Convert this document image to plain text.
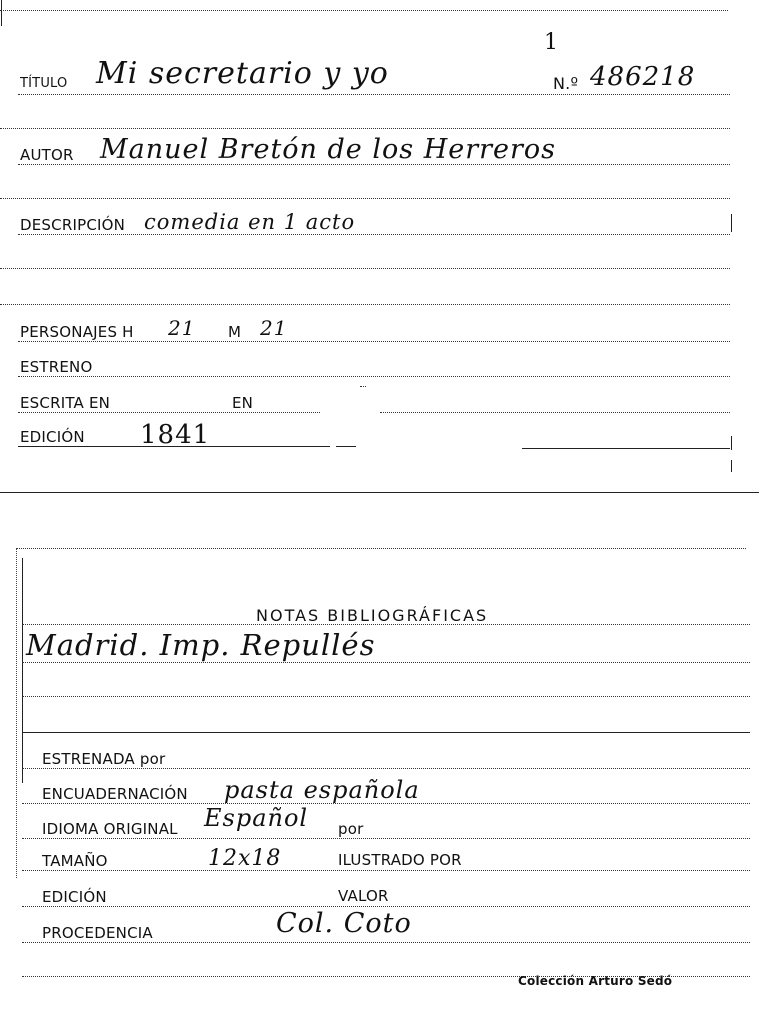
1
TÍTULO Mi secretario y yo	N.º 486218
AUTOR Manuel Bretón de los Herreros
DESCRIPCIÓN comedia en 1 acto
PERSONAJES H 21 M 21
ESTRENO
ESCRITA EN	EN
EDICIÓN 1841
NOTAS BIBLIOGRÁFICAS
Madrid. Imp. Repullés
ESTRENADA por
ENCUADERNACIÓN pasta española
IDIOMA ORIGINAL Español por
TAMAÑO	12x18	ILUSTRADO POR
EDICIÓN	VALOR
PROCEDENCIA	Col. Coto
Colección Arturo Sedó
